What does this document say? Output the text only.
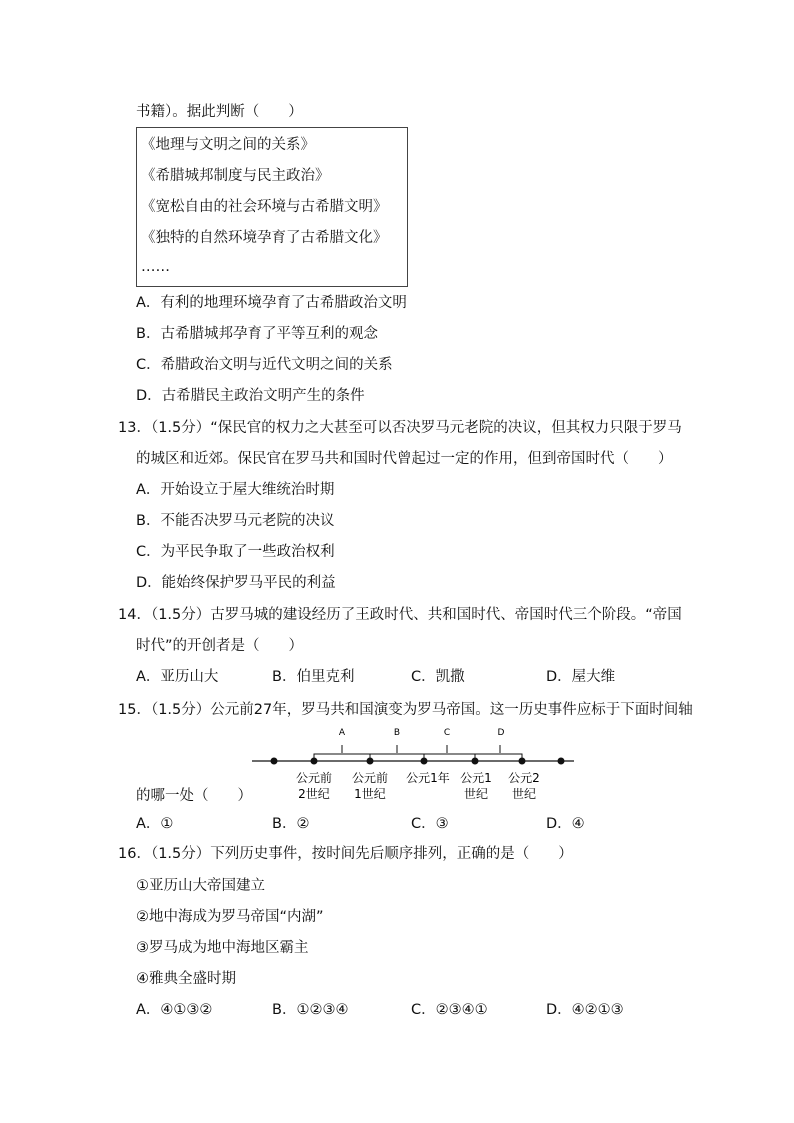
书籍）。据此判断（　　）
《地理与文明之间的关系》
《希腊城邦制度与民主政治》
《宽松自由的社会环境与古希腊文明》
《独特的自然环境孕育了古希腊文化》
……
A．有利的地理环境孕育了古希腊政治文明
B．古希腊城邦孕育了平等互利的观念
C．希腊政治文明与近代文明之间的关系
D．古希腊民主政治文明产生的条件
13．（1.5分）“保民官的权力之大甚至可以否决罗马元老院的决议，但其权力只限于罗马
的城区和近郊。保民官在罗马共和国时代曾起过一定的作用，但到帝国时代（　　）
A．开始设立于屋大维统治时期
B．不能否决罗马元老院的决议
C．为平民争取了一些政治权利
D．能始终保护罗马平民的利益
14．（1.5分）古罗马城的建设经历了王政时代、共和国时代、帝国时代三个阶段。“帝国
时代”的开创者是（　　）
A．亚历山大	B．伯里克利	C．凯撒	D．屋大维
15．（1.5分）公元前27年，罗马共和国演变为罗马帝国。这一历史事件应标于下面时间轴
A	B	C	D
公元前
2世纪
公元前
1世纪
公元1年 公元1
世纪
公元2
世纪
的哪一处（　　）
A．①	B．②	C．③	D．④
16．（1.5分）下列历史事件，按时间先后顺序排列，正确的是（　　）
①亚历山大帝国建立
②地中海成为罗马帝国“内湖”
③罗马成为地中海地区霸主
④雅典全盛时期
A．④①③②	B．①②③④	C．②③④①	D．④②①③
